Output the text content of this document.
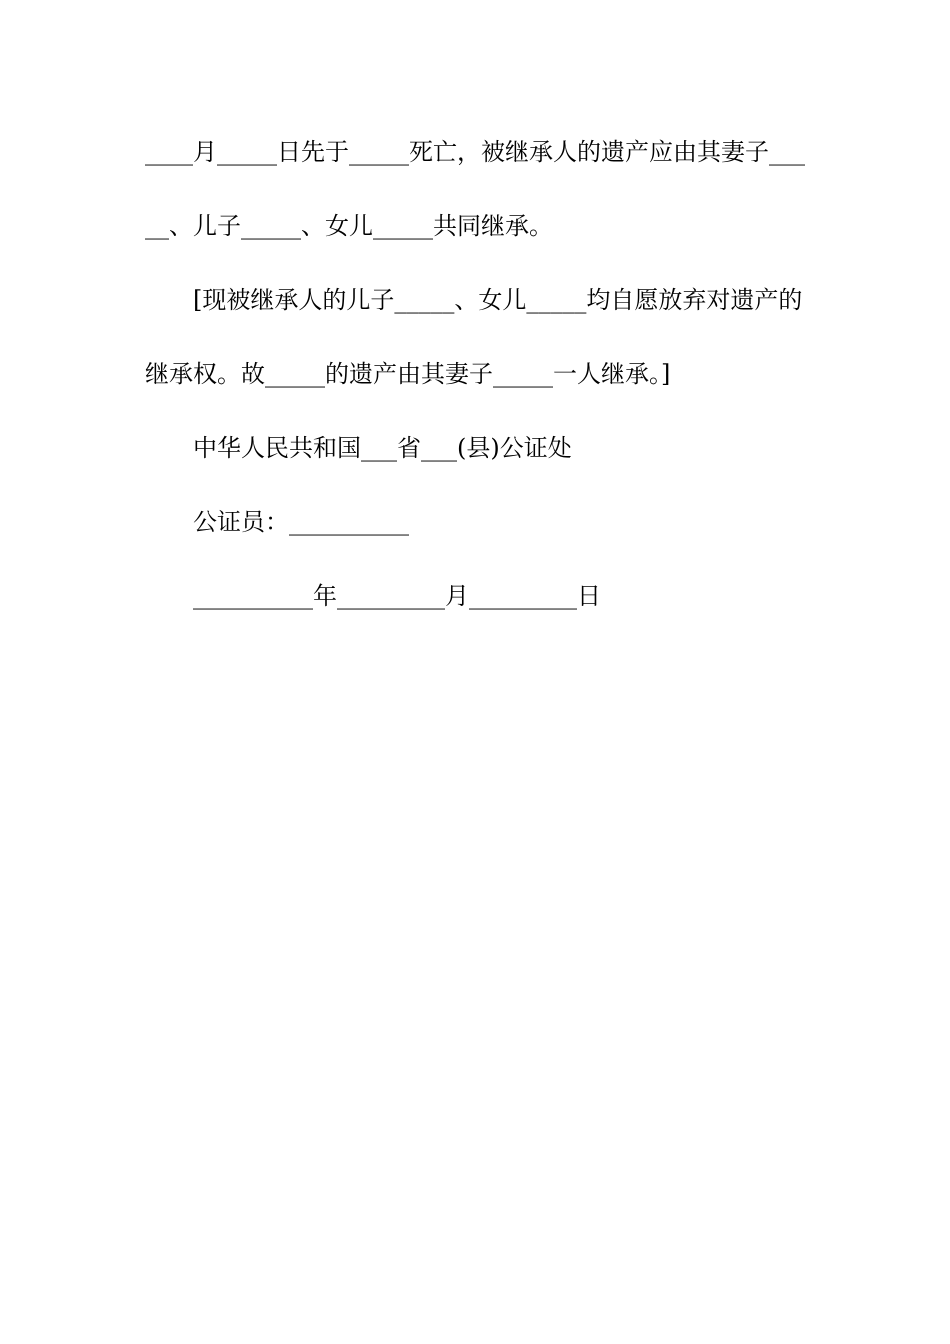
____月_____日先于_____死亡，被继承人的遗产应由其妻子___
__、儿子_____、女儿_____共同继承。
[现被继承人的儿子_____、女儿_____均自愿放弃对遗产的
继承权。故_____的遗产由其妻子_____一人继承。]
中华人民共和国___省___(县)公证处
公证员：__________
__________年_________月_________日
